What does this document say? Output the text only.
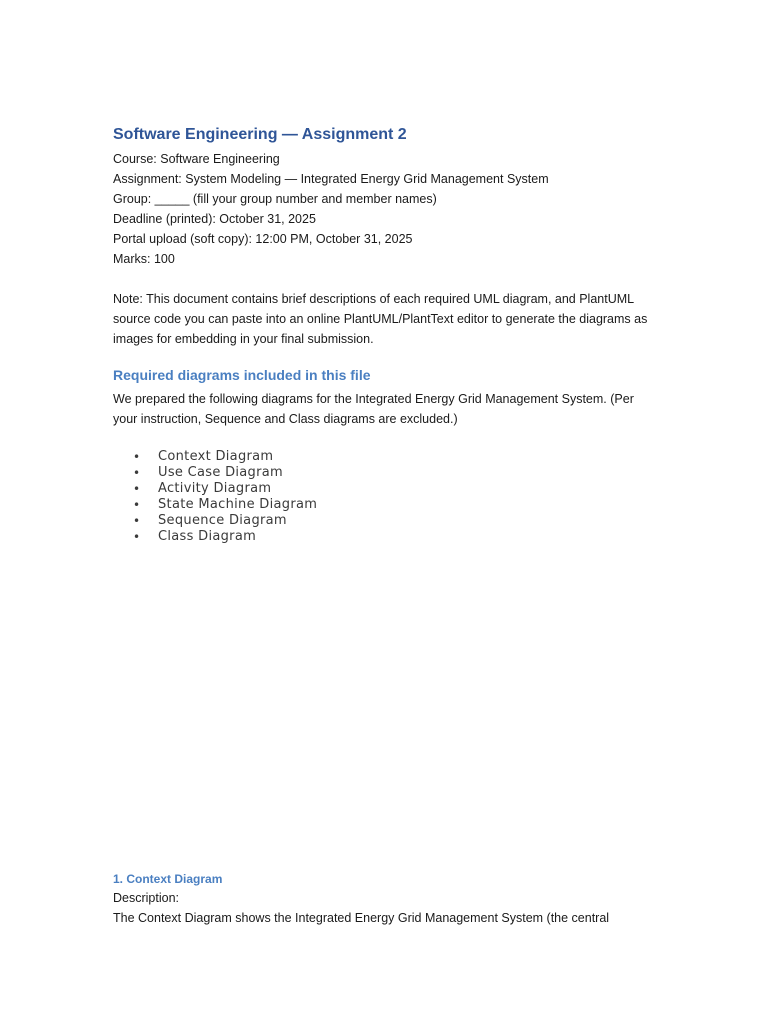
Software Engineering — Assignment 2

Course: Software Engineering

Assignment: System Modeling — Integrated Energy Grid Management System

Group: _____ (fill your group number and member names)

Deadline (printed): October 31, 2025

Portal upload (soft copy): 12:00 PM, October 31, 2025

Marks: 100

Note: This document contains brief descriptions of each required UML diagram, and PlantUML source code you can paste into an online PlantUML/PlantText editor to generate the diagrams as images for embedding in your final submission.

Required diagrams included in this file

We prepared the following diagrams for the Integrated Energy Grid Management System. (Per your instruction, Sequence and Class diagrams are excluded.)

• Context Diagram
• Use Case Diagram
• Activity Diagram
• State Machine Diagram
• Sequence Diagram
• Class Diagram
1. Context Diagram

Description:

The Context Diagram shows the Integrated Energy Grid Management System (the central
